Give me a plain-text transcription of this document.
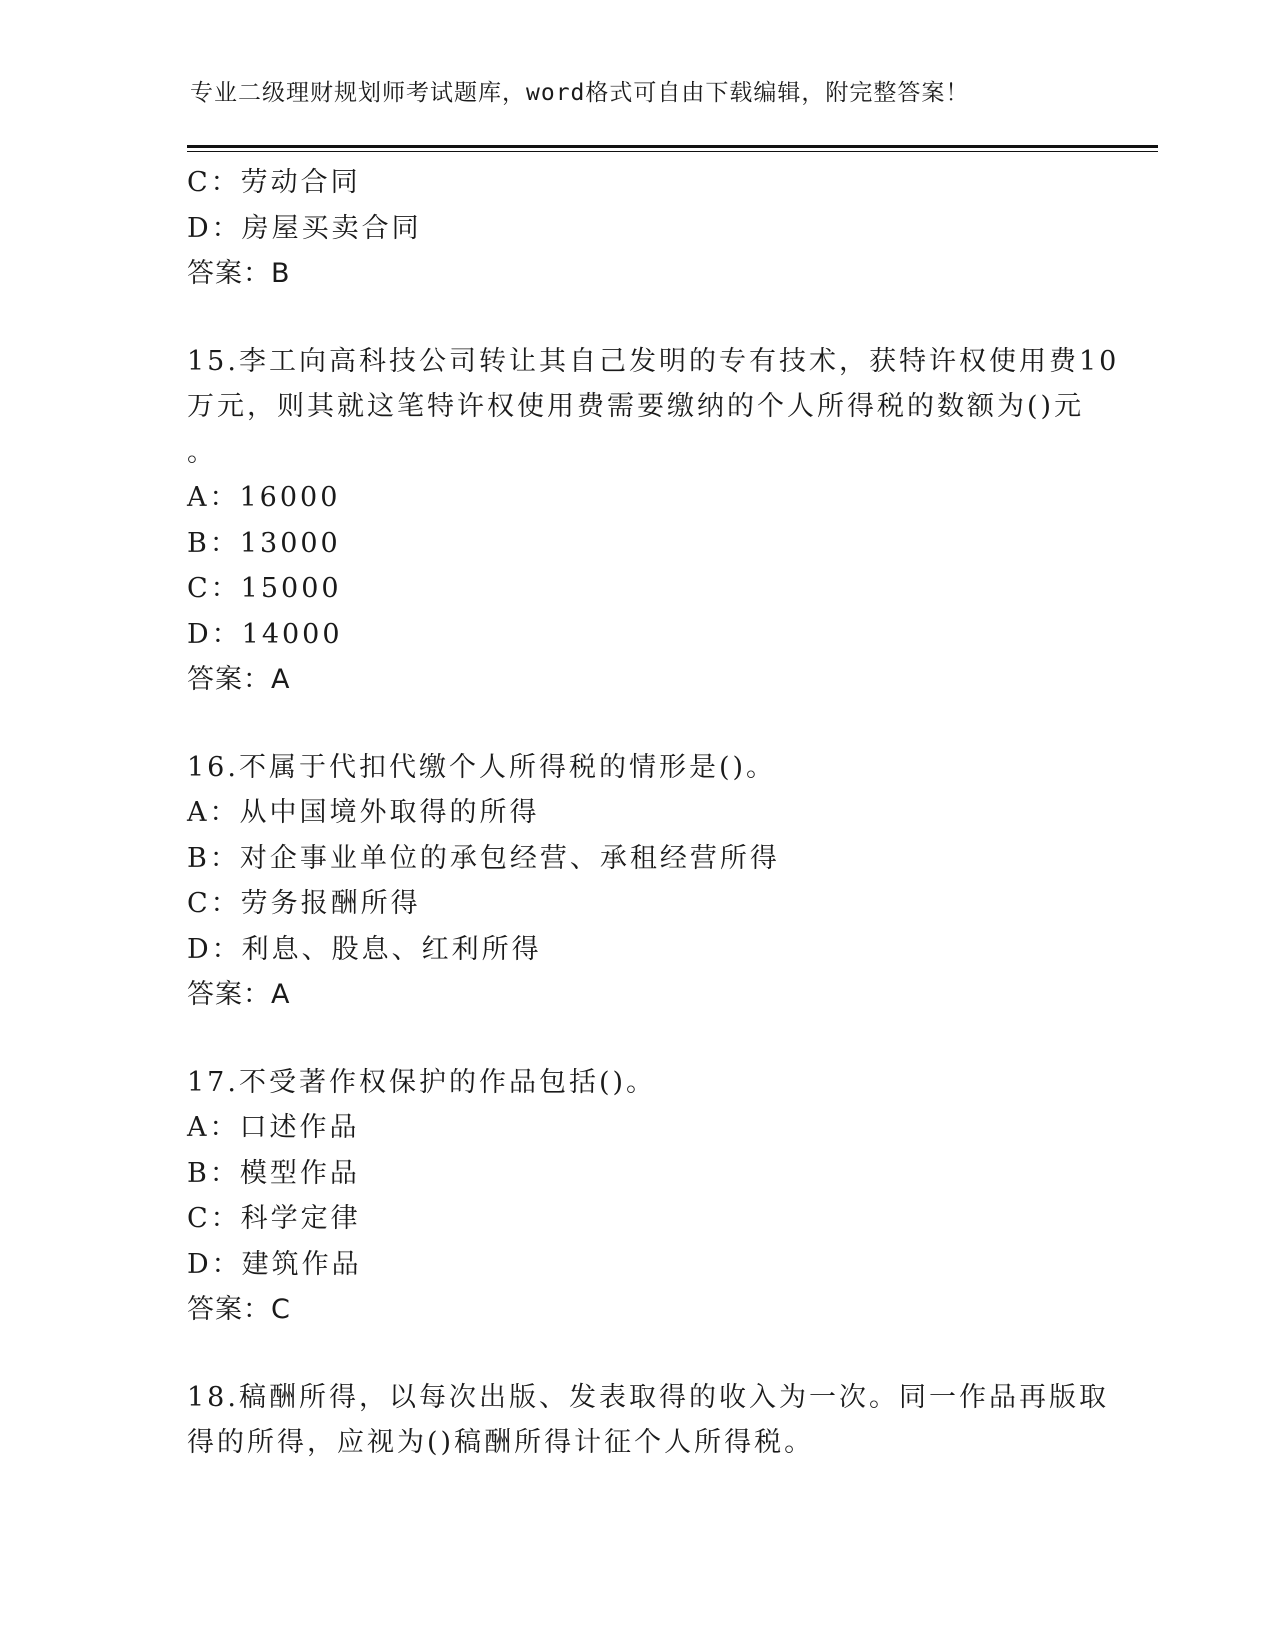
专业二级理财规划师考试题库，word格式可自由下载编辑，附完整答案！
C：劳动合同
D：房屋买卖合同
答案：B
15.李工向高科技公司转让其自己发明的专有技术，获特许权使用费10
万元，则其就这笔特许权使用费需要缴纳的个人所得税的数额为()元
。
A：16000
B：13000
C：15000
D：14000
答案：A
16.不属于代扣代缴个人所得税的情形是()。
A：从中国境外取得的所得
B：对企事业单位的承包经营、承租经营所得
C：劳务报酬所得
D：利息、股息、红利所得
答案：A
17.不受著作权保护的作品包括()。
A：口述作品
B：模型作品
C：科学定律
D：建筑作品
答案：C
18.稿酬所得，以每次出版、发表取得的收入为一次。同一作品再版取
得的所得，应视为()稿酬所得计征个人所得税。
